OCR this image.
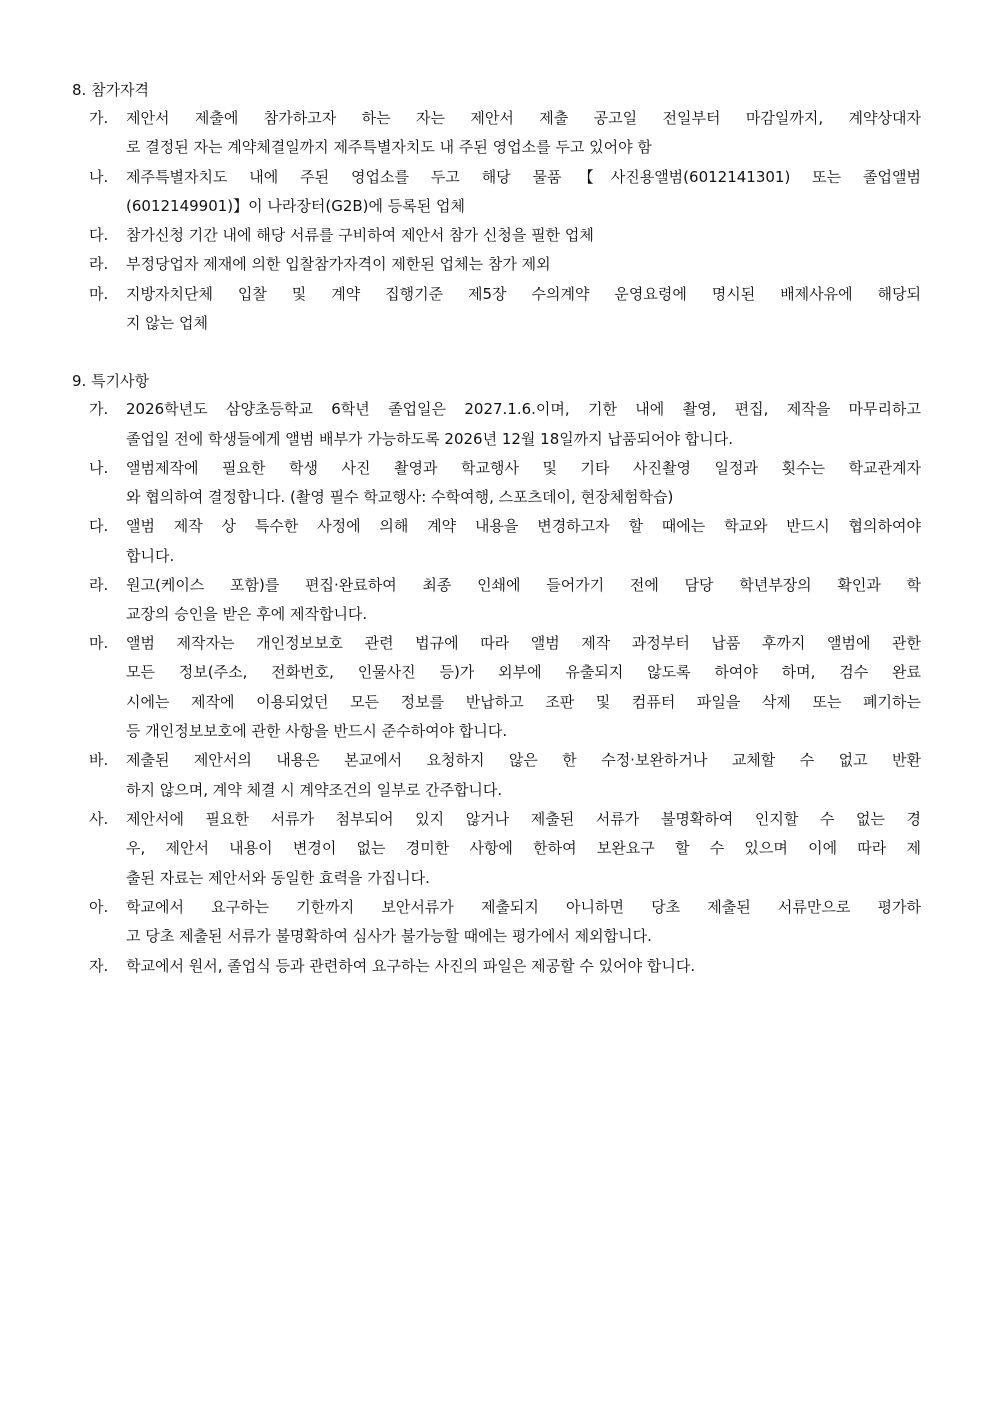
8. 참가자격
가. 제안서 제출에 참가하고자 하는 자는 제안서 제출 공고일 전일부터 마감일까지, 계약상대자
로 결정된 자는 계약체결일까지 제주특별자치도 내 주된 영업소를 두고 있어야 함
나. 제주특별자치도 내에 주된 영업소를 두고 해당 물품【사진용앨범(6012141301) 또는 졸업앨범
(6012149901)】이 나라장터(G2B)에 등록된 업체
다. 참가신청 기간 내에 해당 서류를 구비하여 제안서 참가 신청을 필한 업체
라. 부정당업자 제재에 의한 입찰참가자격이 제한된 업체는 참가 제외
마. 지방자치단체 입찰 및 계약 집행기준 제5장 수의계약 운영요령에 명시된 배제사유에 해당되
지 않는 업체
9. 특기사항
가. 2026학년도 삼양초등학교 6학년 졸업일은 2027.1.6.이며, 기한 내에 촬영, 편집, 제작을 마무리하고
졸업일 전에 학생들에게 앨범 배부가 가능하도록 2026년 12월 18일까지 납품되어야 합니다.
나. 앨범제작에 필요한 학생 사진 촬영과 학교행사 및 기타 사진촬영 일정과 횟수는 학교관계자
와 협의하여 결정합니다. (촬영 필수 학교행사: 수학여행, 스포츠데이, 현장체험학습)
다. 앨범 제작 상 특수한 사정에 의해 계약 내용을 변경하고자 할 때에는 학교와 반드시 협의하여야
합니다.
라. 원고(케이스 포함)를 편집·완료하여 최종 인쇄에 들어가기 전에 담당 학년부장의 확인과 학
교장의 승인을 받은 후에 제작합니다.
마. 앨범 제작자는 개인정보보호 관련 법규에 따라 앨범 제작 과정부터 납품 후까지 앨범에 관한
모든 정보(주소, 전화번호, 인물사진 등)가 외부에 유출되지 않도록 하여야 하며, 검수 완료
시에는 제작에 이용되었던 모든 정보를 반납하고 조판 및 컴퓨터 파일을 삭제 또는 폐기하는
등 개인정보보호에 관한 사항을 반드시 준수하여야 합니다.
바. 제출된 제안서의 내용은 본교에서 요청하지 않은 한 수정·보완하거나 교체할 수 없고 반환
하지 않으며, 계약 체결 시 계약조건의 일부로 간주합니다.
사. 제안서에 필요한 서류가 첨부되어 있지 않거나 제출된 서류가 불명확하여 인지할 수 없는 경
우, 제안서 내용이 변경이 없는 경미한 사항에 한하여 보완요구 할 수 있으며 이에 따라 제
출된 자료는 제안서와 동일한 효력을 가집니다.
아. 학교에서 요구하는 기한까지 보안서류가 제출되지 아니하면 당초 제출된 서류만으로 평가하
고 당초 제출된 서류가 불명확하여 심사가 불가능할 때에는 평가에서 제외합니다.
자. 학교에서 원서, 졸업식 등과 관련하여 요구하는 사진의 파일은 제공할 수 있어야 합니다.
